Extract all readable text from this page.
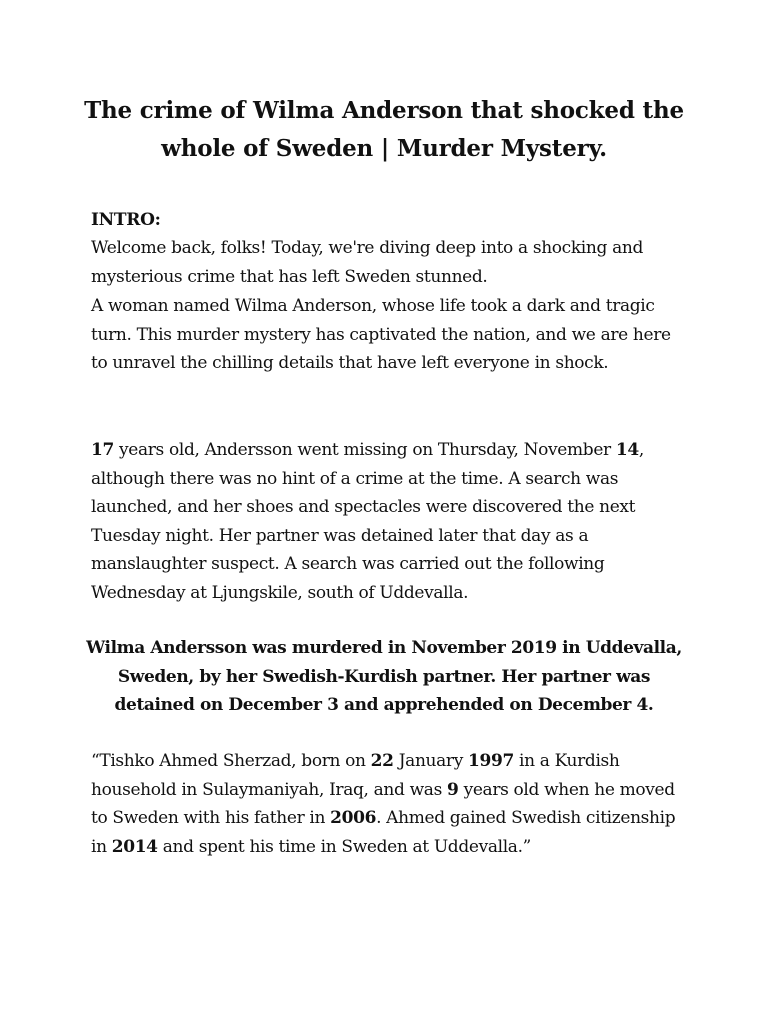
The crime of Wilma Anderson that shocked the whole of Sweden | Murder Mystery.

INTRO:

Welcome back, folks! Today, we're diving deep into a shocking and mysterious crime that has left Sweden stunned.

A woman named Wilma Anderson, whose life took a dark and tragic turn. This murder mystery has captivated the nation, and we are here to unravel the chilling details that have left everyone in shock.

17 years old, Andersson went missing on Thursday, November 14, although there was no hint of a crime at the time. A search was launched, and her shoes and spectacles were discovered the next Tuesday night. Her partner was detained later that day as a manslaughter suspect. A search was carried out the following Wednesday at Ljungskile, south of Uddevalla.

Wilma Andersson was murdered in November 2019 in Uddevalla, Sweden, by her Swedish-Kurdish partner. Her partner was detained on December 3 and apprehended on December 4.

“Tishko Ahmed Sherzad, born on 22 January 1997 in a Kurdish household in Sulaymaniyah, Iraq, and was 9 years old when he moved to Sweden with his father in 2006. Ahmed gained Swedish citizenship in 2014 and spent his time in Sweden at Uddevalla.”
